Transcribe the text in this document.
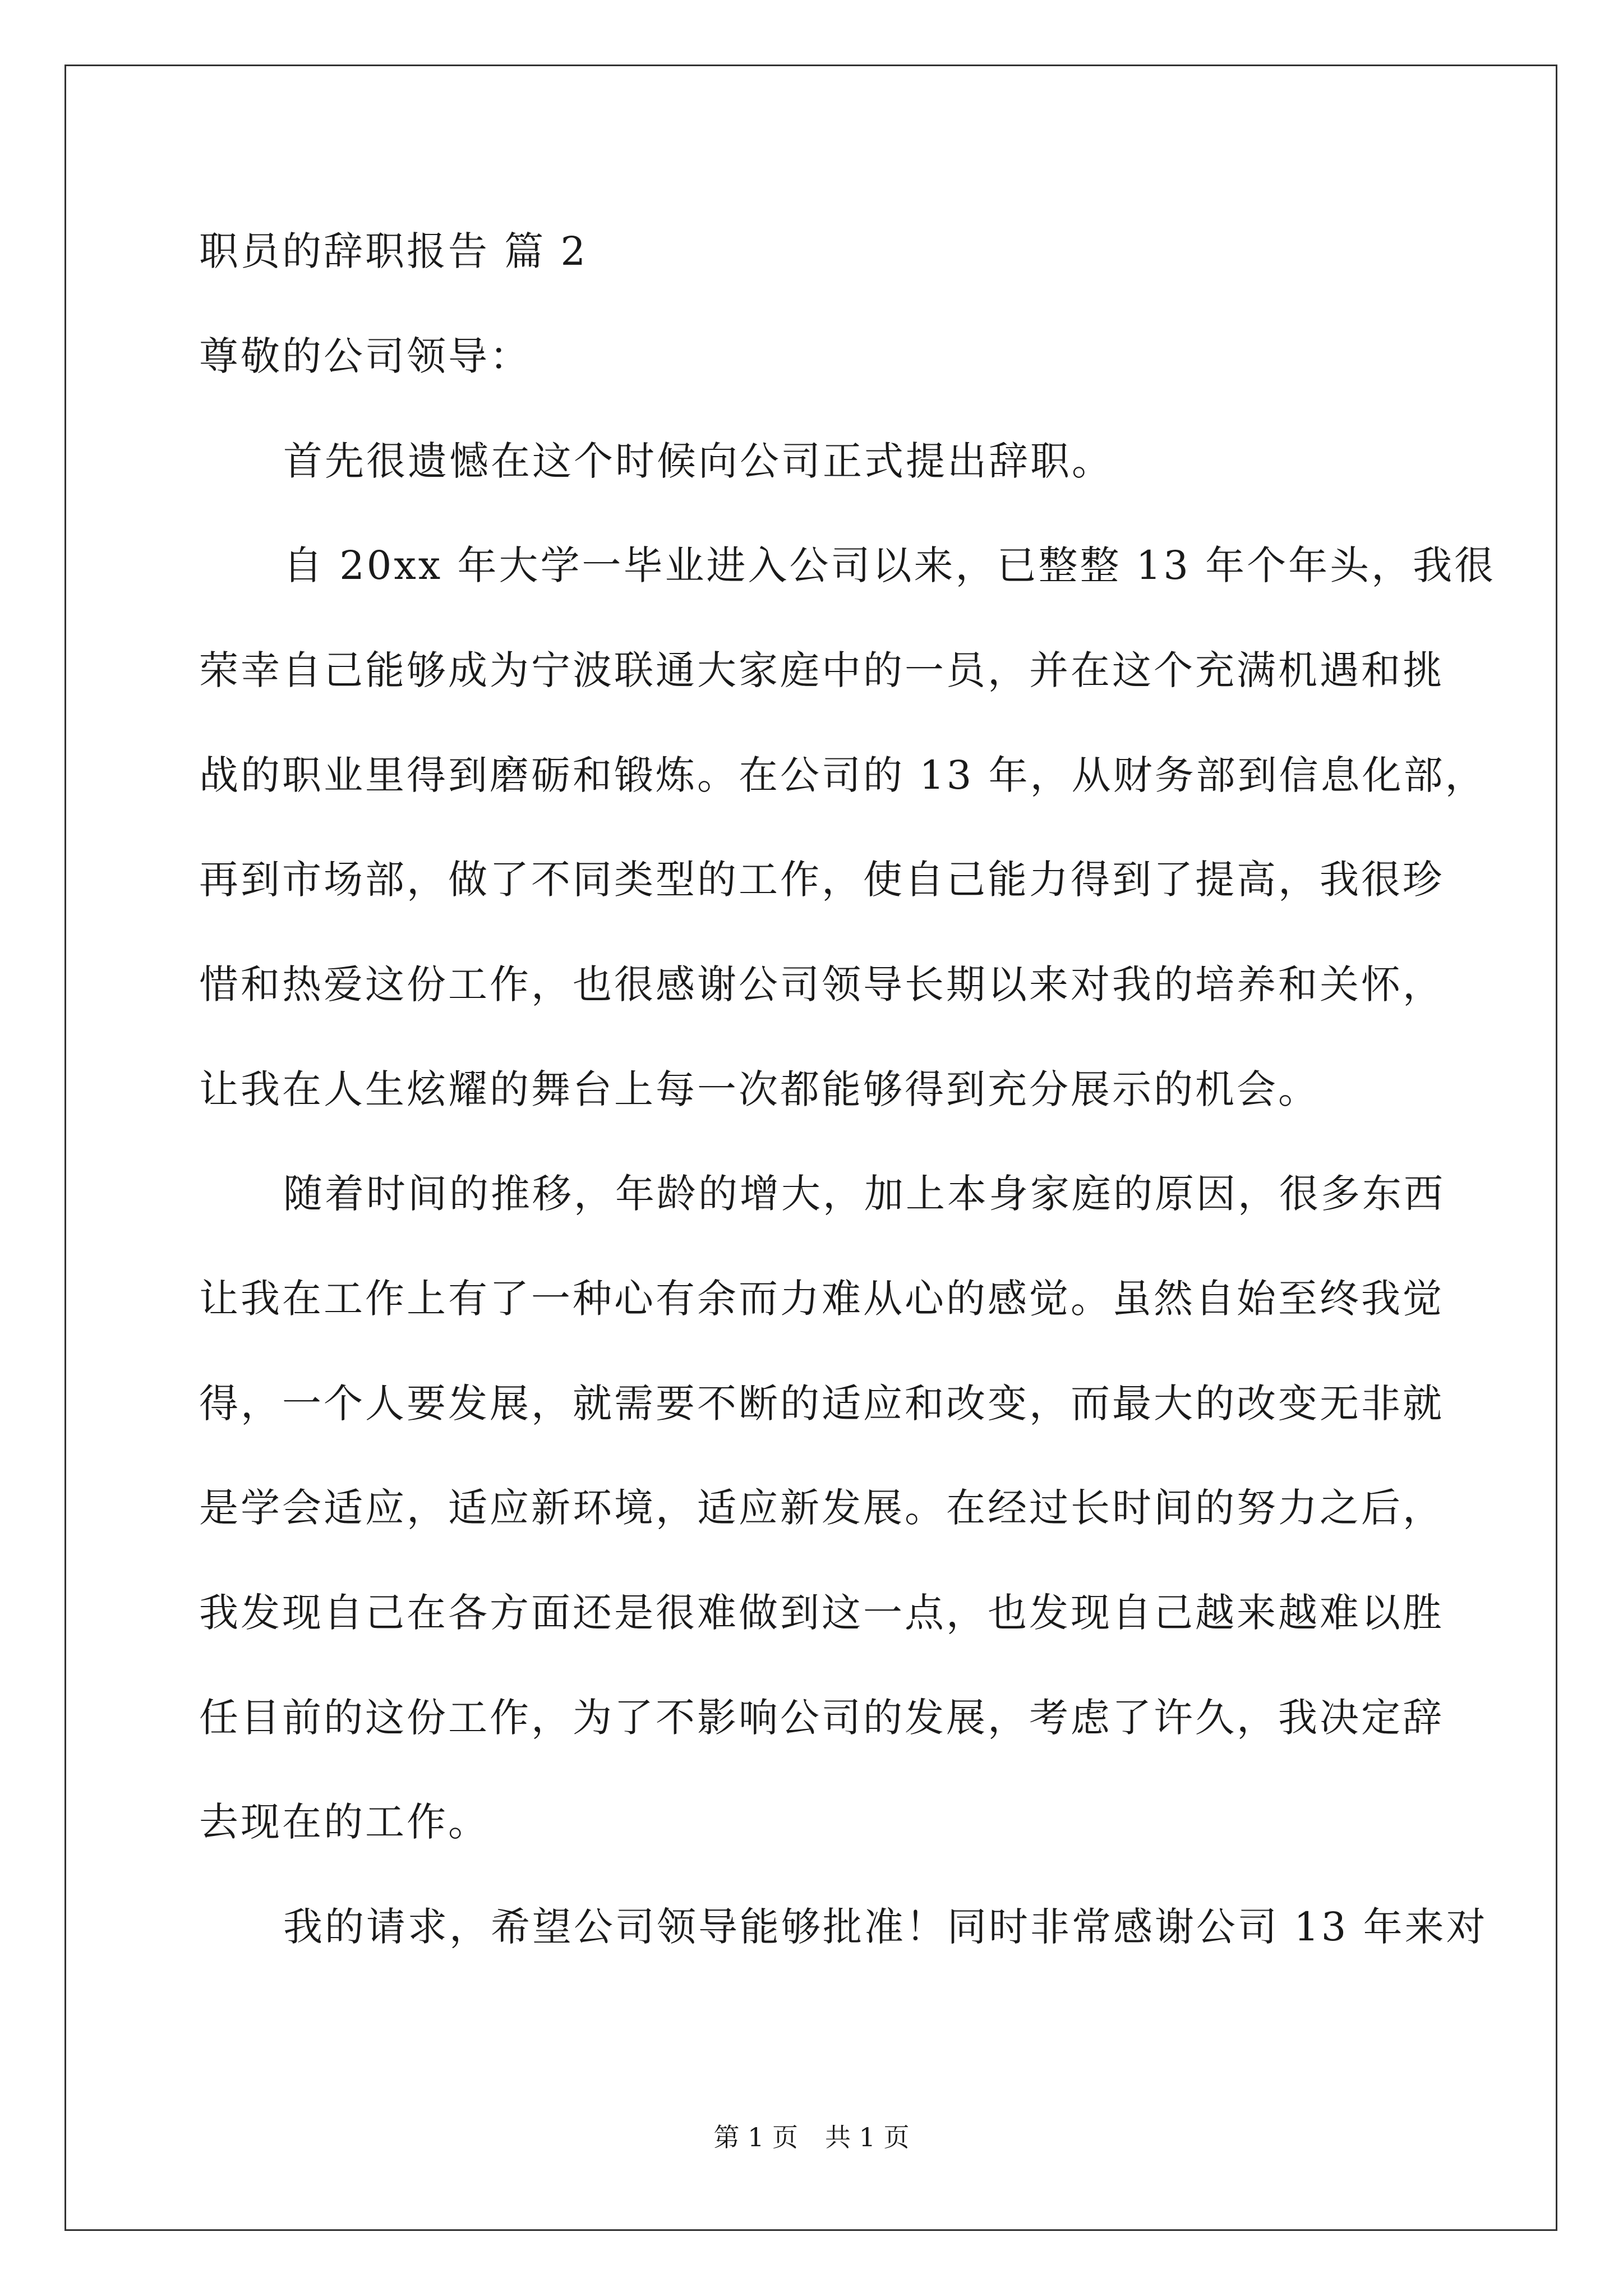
职员的辞职报告 篇 2
尊敬的公司领导：
首先很遗憾在这个时候向公司正式提出辞职。
自 20xx 年大学一毕业进入公司以来，已整整 13 年个年头，我很
荣幸自己能够成为宁波联通大家庭中的一员，并在这个充满机遇和挑
战的职业里得到磨砺和锻炼。在公司的 13 年，从财务部到信息化部，
再到市场部，做了不同类型的工作，使自己能力得到了提高，我很珍
惜和热爱这份工作，也很感谢公司领导长期以来对我的培养和关怀，
让我在人生炫耀的舞台上每一次都能够得到充分展示的机会。
随着时间的推移，年龄的增大，加上本身家庭的原因，很多东西
让我在工作上有了一种心有余而力难从心的感觉。虽然自始至终我觉
得，一个人要发展，就需要不断的适应和改变，而最大的改变无非就
是学会适应，适应新环境，适应新发展。在经过长时间的努力之后，
我发现自己在各方面还是很难做到这一点，也发现自己越来越难以胜
任目前的这份工作，为了不影响公司的发展，考虑了许久，我决定辞
去现在的工作。
我的请求，希望公司领导能够批准！同时非常感谢公司 13 年来对
第 1 页 共 1 页
